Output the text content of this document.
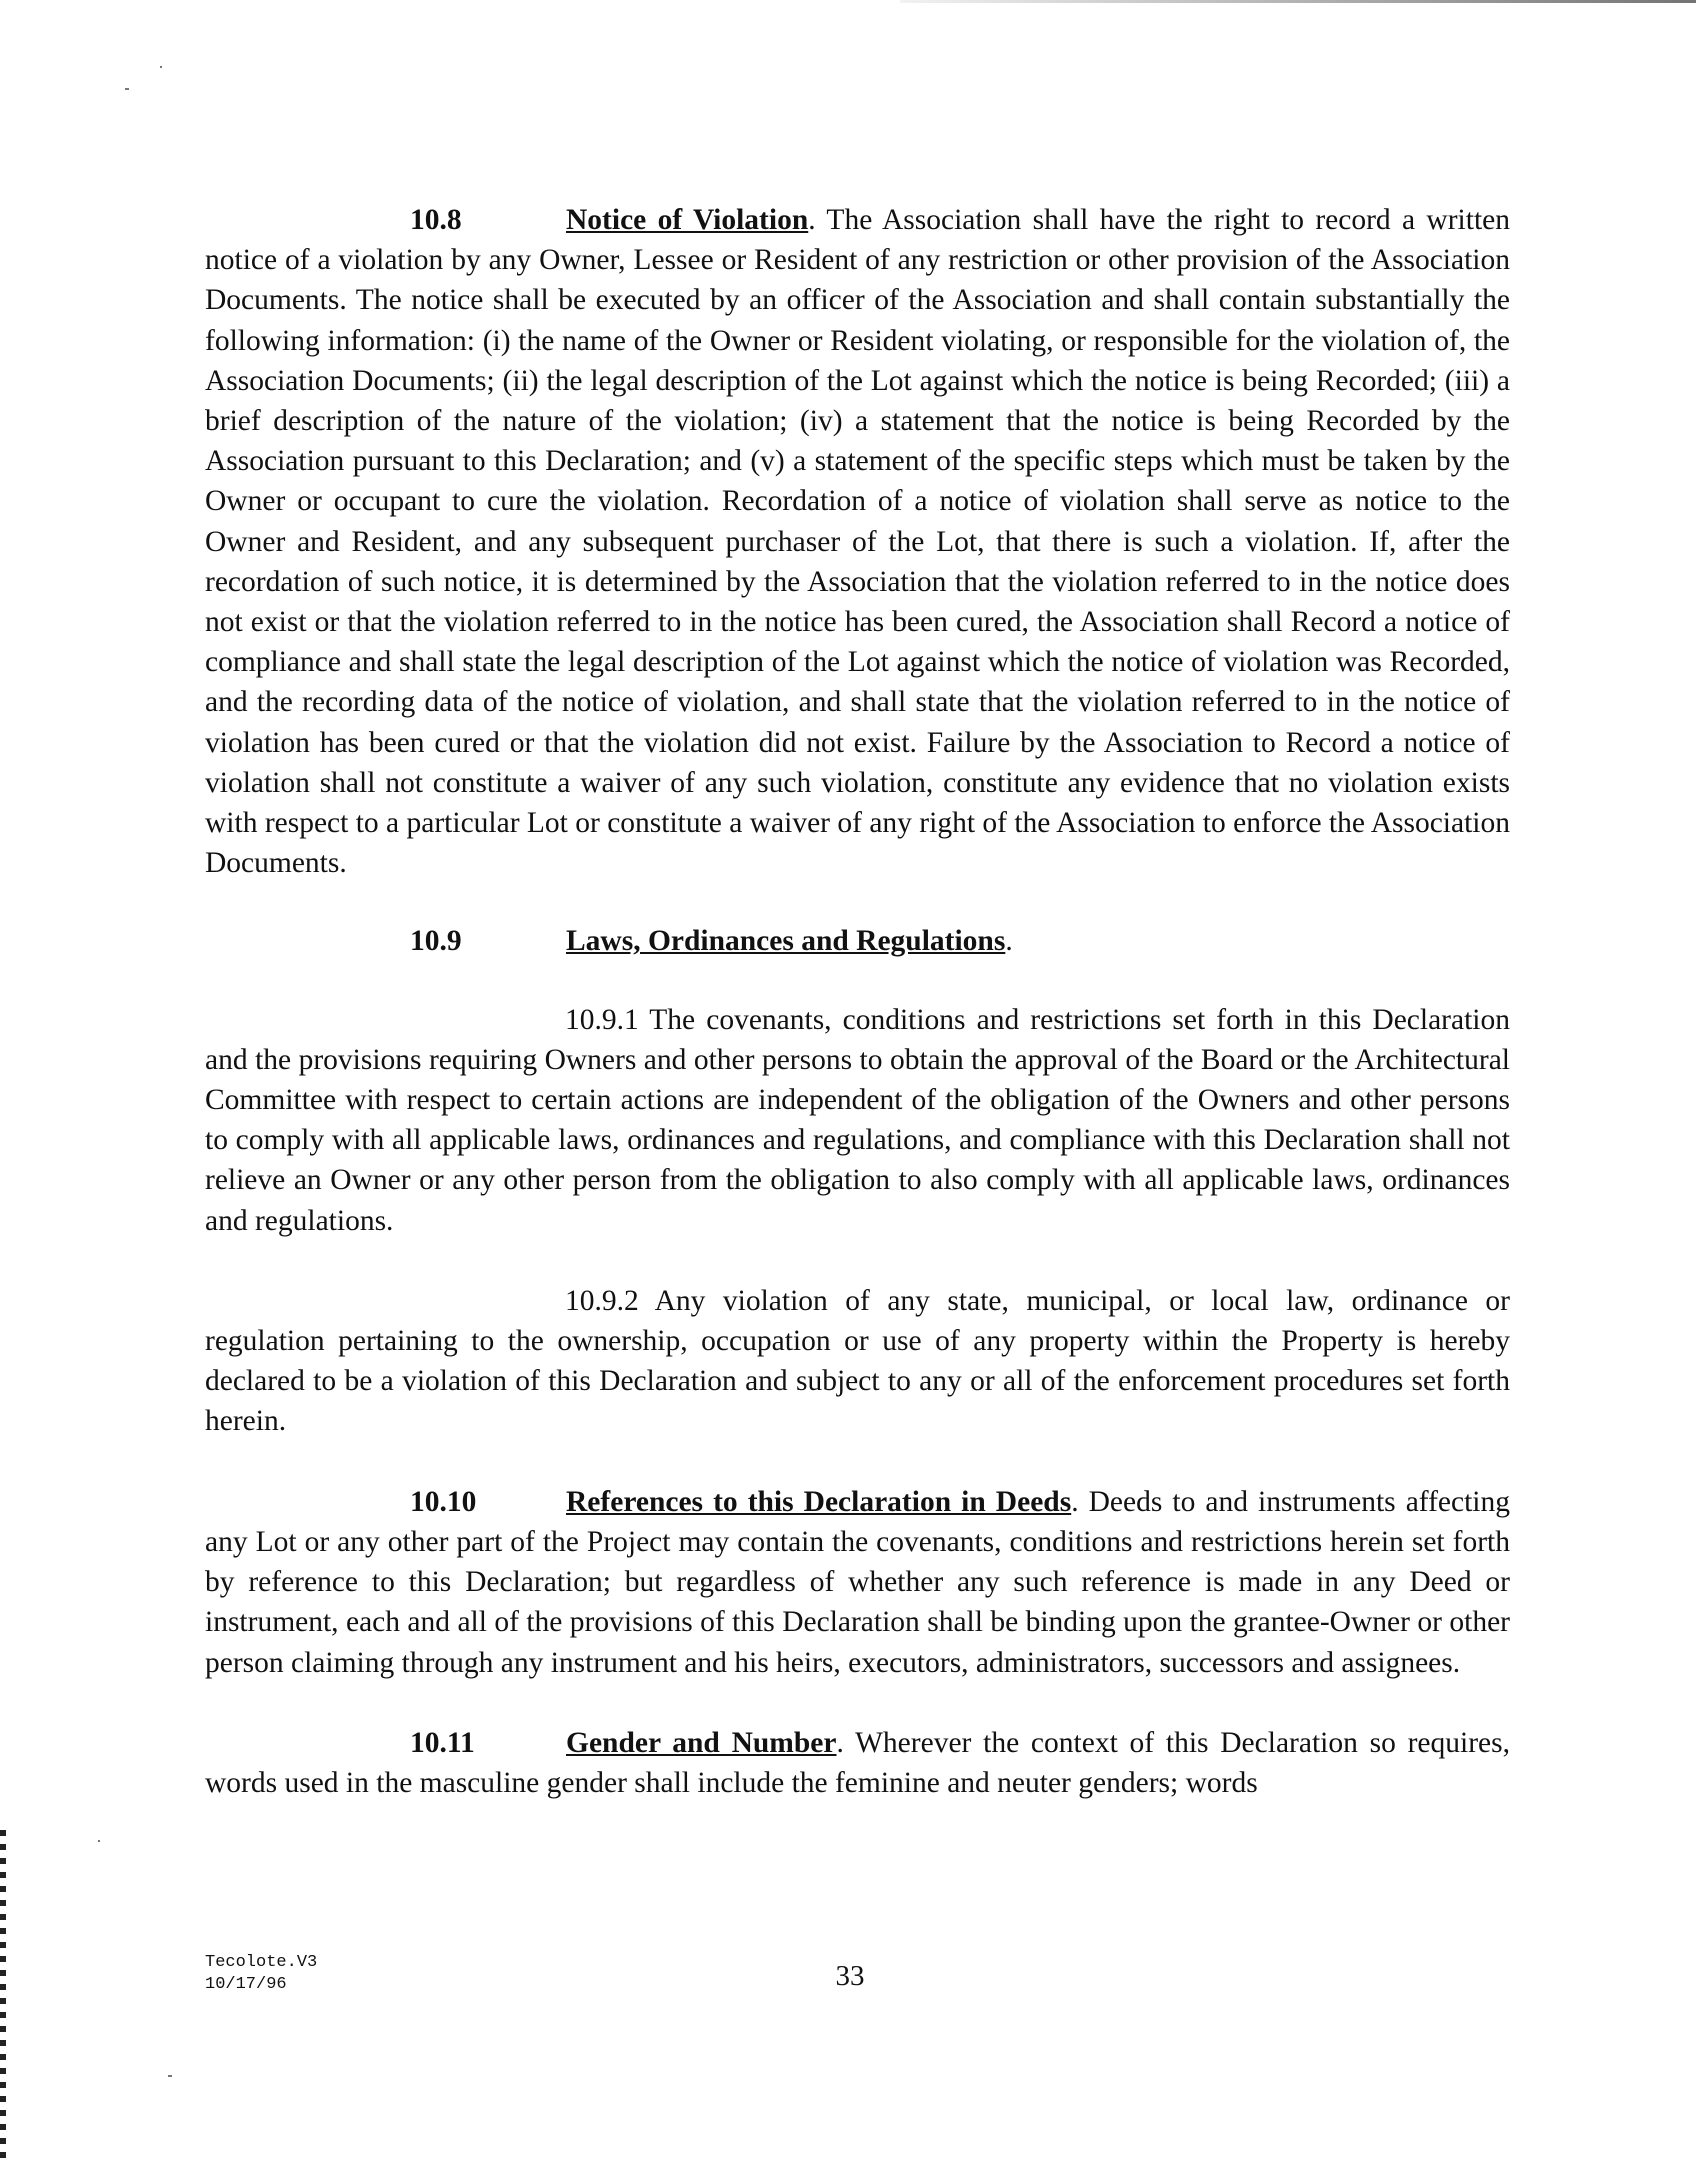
10.8	Notice of Violation. The Association shall have the right to record a written notice of a violation by any Owner, Lessee or Resident of any restriction or other provision of the Association Documents. The notice shall be executed by an officer of the Association and shall contain substantially the following information: (i) the name of the Owner or Resident violating, or responsible for the violation of, the Association Documents; (ii) the legal description of the Lot against which the notice is being Recorded; (iii) a brief description of the nature of the violation; (iv) a statement that the notice is being Recorded by the Association pursuant to this Declaration; and (v) a statement of the specific steps which must be taken by the Owner or occupant to cure the violation. Recordation of a notice of violation shall serve as notice to the Owner and Resident, and any subsequent purchaser of the Lot, that there is such a violation. If, after the recordation of such notice, it is determined by the Association that the violation referred to in the notice does not exist or that the violation referred to in the notice has been cured, the Association shall Record a notice of compliance and shall state the legal description of the Lot against which the notice of violation was Recorded, and the recording data of the notice of violation, and shall state that the violation referred to in the notice of violation has been cured or that the violation did not exist. Failure by the Association to Record a notice of violation shall not constitute a waiver of any such violation, constitute any evidence that no violation exists with respect to a particular Lot or constitute a waiver of any right of the Association to enforce the Association Documents.

10.9	Laws, Ordinances and Regulations.

10.9.1 The covenants, conditions and restrictions set forth in this Declaration and the provisions requiring Owners and other persons to obtain the approval of the Board or the Architectural Committee with respect to certain actions are independent of the obligation of the Owners and other persons to comply with all applicable laws, ordinances and regulations, and compliance with this Declaration shall not relieve an Owner or any other person from the obligation to also comply with all applicable laws, ordinances and regulations.

10.9.2 Any violation of any state, municipal, or local law, ordinance or regulation pertaining to the ownership, occupation or use of any property within the Property is hereby declared to be a violation of this Declaration and subject to any or all of the enforcement procedures set forth herein.

10.10	References to this Declaration in Deeds. Deeds to and instruments affecting any Lot or any other part of the Project may contain the covenants, conditions and restrictions herein set forth by reference to this Declaration; but regardless of whether any such reference is made in any Deed or instrument, each and all of the provisions of this Declaration shall be binding upon the grantee-Owner or other person claiming through any instrument and his heirs, executors, administrators, successors and assignees.

10.11	Gender and Number. Wherever the context of this Declaration so requires, words used in the masculine gender shall include the feminine and neuter genders; words

Tecolote.V3
10/17/96	33
